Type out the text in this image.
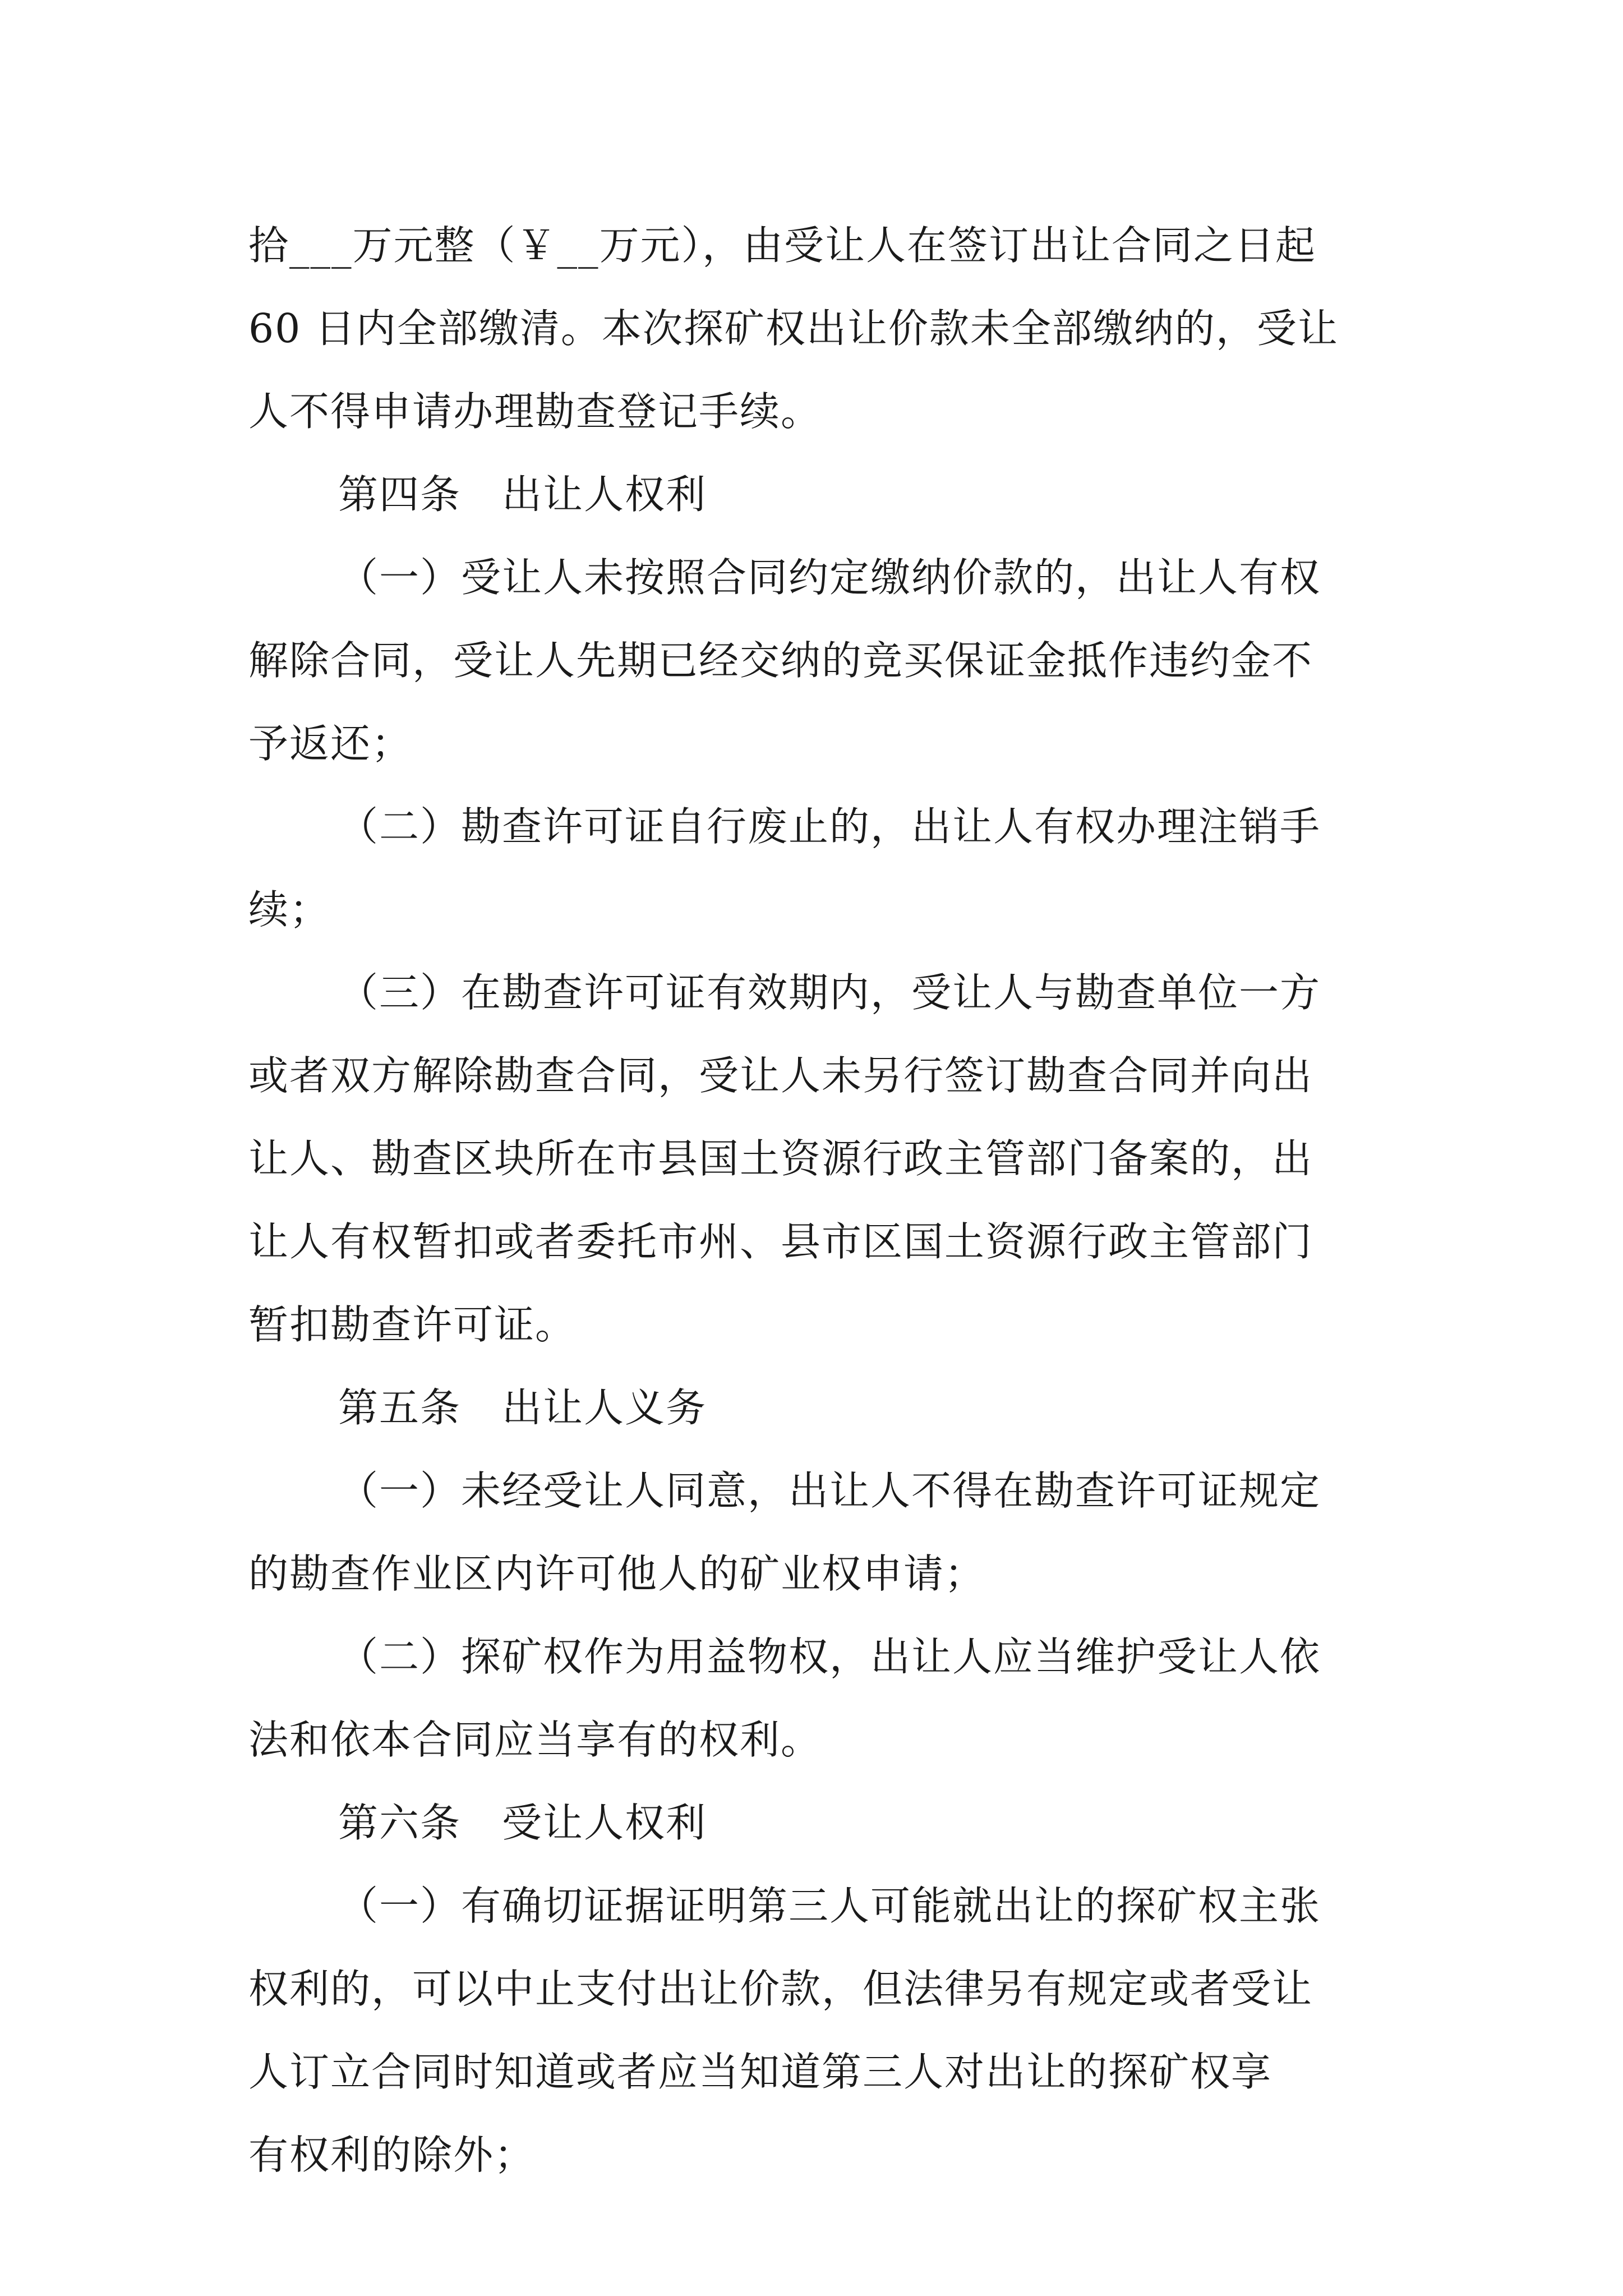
拾___万元整（￥__万元），由受让人在签订出让合同之日起
60 日内全部缴清。本次探矿权出让价款未全部缴纳的，受让
人不得申请办理勘查登记手续。
第四条　出让人权利
（一）受让人未按照合同约定缴纳价款的，出让人有权
解除合同，受让人先期已经交纳的竞买保证金抵作违约金不
予返还；
（二）勘查许可证自行废止的，出让人有权办理注销手
续；
（三）在勘查许可证有效期内，受让人与勘查单位一方
或者双方解除勘查合同，受让人未另行签订勘查合同并向出
让人、勘查区块所在市县国土资源行政主管部门备案的，出
让人有权暂扣或者委托市州、县市区国土资源行政主管部门
暂扣勘查许可证。
第五条　出让人义务
（一）未经受让人同意，出让人不得在勘查许可证规定
的勘查作业区内许可他人的矿业权申请；
（二）探矿权作为用益物权，出让人应当维护受让人依
法和依本合同应当享有的权利。
第六条　受让人权利
（一）有确切证据证明第三人可能就出让的探矿权主张
权利的，可以中止支付出让价款，但法律另有规定或者受让
人订立合同时知道或者应当知道第三人对出让的探矿权享
有权利的除外；
